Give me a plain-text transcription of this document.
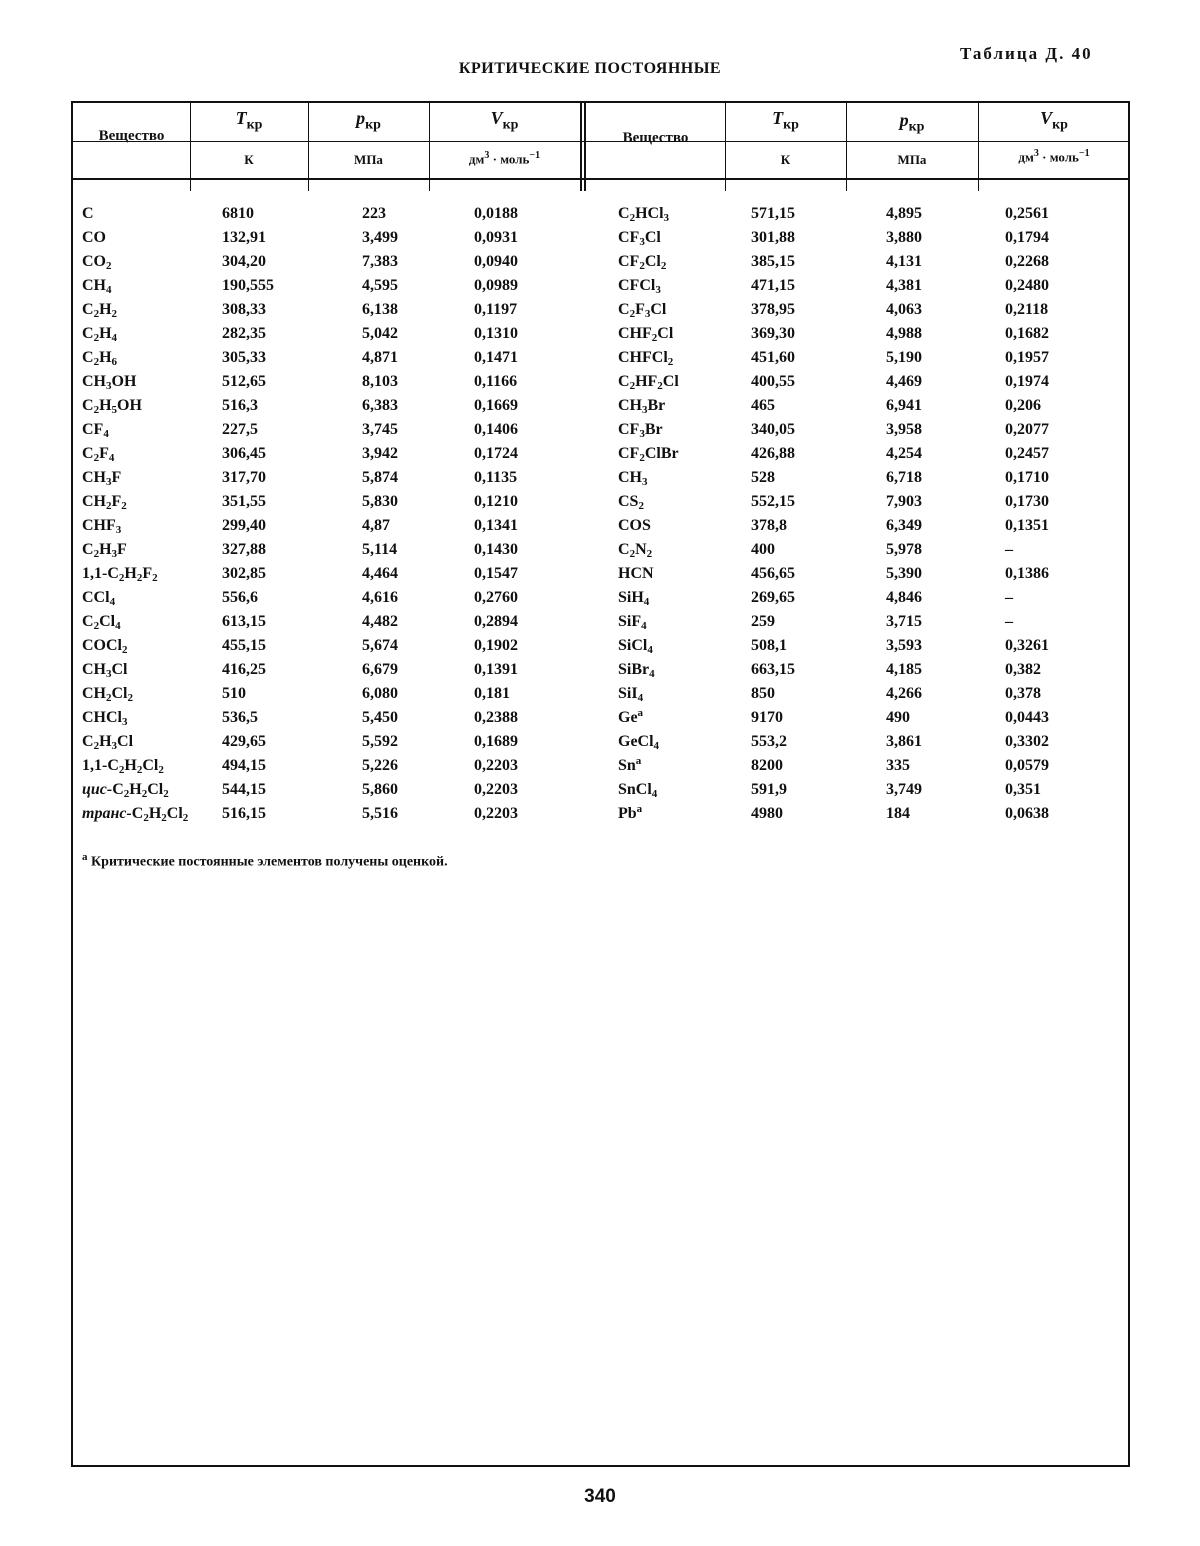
Таблица Д. 40
КРИТИЧЕСКИЕ ПОСТОЯННЫЕ
Вещество	Вещество
$T_{кр}$	$p_{кр}$	$V_{кр}$	$T_{кр}$	$p_{кр}$	$V_{кр}$
К	МПа	$дм^3$ · моль$^{-1}$	К	МПа	$дм^3$ · моль$^{-1}$
C	6810	223	0,0188	$C_2HCl_3$	571,15	4,895	0,2561
CO	132,91	3,499	0,0931	$CF_3Cl$	301,88	3,880	0,1794
$CO_2$	304,20	7,383	0,0940	$CF_2Cl_2$	385,15	4,131	0,2268
$CH_4$	190,555	4,595	0,0989	CFCl$_3$	471,15	4,381	0,2480
$C_2H_2$	308,33	6,138	0,1197	$C_2F_3Cl$	378,95	4,063	0,2118
$C_2H_4$	282,35	5,042	0,1310	$CHF_2Cl$	369,30	4,988	0,1682
$C_2H_6$	305,33	4,871	0,1471	CHFCl$_2$	451,60	5,190	0,1957
$CH_3OH$	512,65	8,103	0,1166	$C_2HF_2Cl$	400,55	4,469	0,1974
$C_2H_5OH$	516,3	6,383	0,1669	$CH_3Br$	465	6,941	0,206
$CF_4$	227,5	3,745	0,1406	$CF_3Br$	340,05	3,958	0,2077
$C_2F_4$	306,45	3,942	0,1724	$CF_2ClBr$	426,88	4,254	0,2457
$CH_3F$	317,70	5,874	0,1135	$CH_3$	528	6,718	0,1710
$CH_2F_2$	351,55	5,830	0,1210	$CS_2$	552,15	7,903	0,1730
$CHF_3$	299,40	4,87	0,1341	COS	378,8	6,349	0,1351
$C_2H_3F$	327,88	5,114	0,1430	$C_2N_2$	400	5,978	–
$1,1-C_2H_2F_2$	302,85	4,464	0,1547	HCN	456,65	5,390	0,1386
CCl$_4$	556,6	4,616	0,2760	SiH$_4$	269,65	4,846	–
$C_2Cl_4$	613,15	4,482	0,2894	SiF$_4$	259	3,715	–
COCl$_2$	455,15	5,674	0,1902	SiCl$_4$	508,1	3,593	0,3261
$CH_3Cl$	416,25	6,679	0,1391	SiBr$_4$	663,15	4,185	0,382
$CH_2Cl_2$	510	6,080	0,181	SiI$_4$	850	4,266	0,378
CHCl$_3$	536,5	5,450	0,2388	Ge$^a$	9170	490	0,0443
$C_2H_3Cl$	429,65	5,592	0,1689	GeCl$_4$	553,2	3,861	0,3302
$1,1-C_2H_2Cl_2$	494,15	5,226	0,2203	Sn$^a$	8200	335	0,0579
цис-$C_2H_2Cl_2$	544,15	5,860	0,2203	SnCl$_4$	591,9	3,749	0,351
транс-$C_2H_2Cl_2$ 516,15	5,516	0,2203	Pb$^a$	4980	184	0,0638
$^а$ Критические постоянные элементов получены оценкой.
340
